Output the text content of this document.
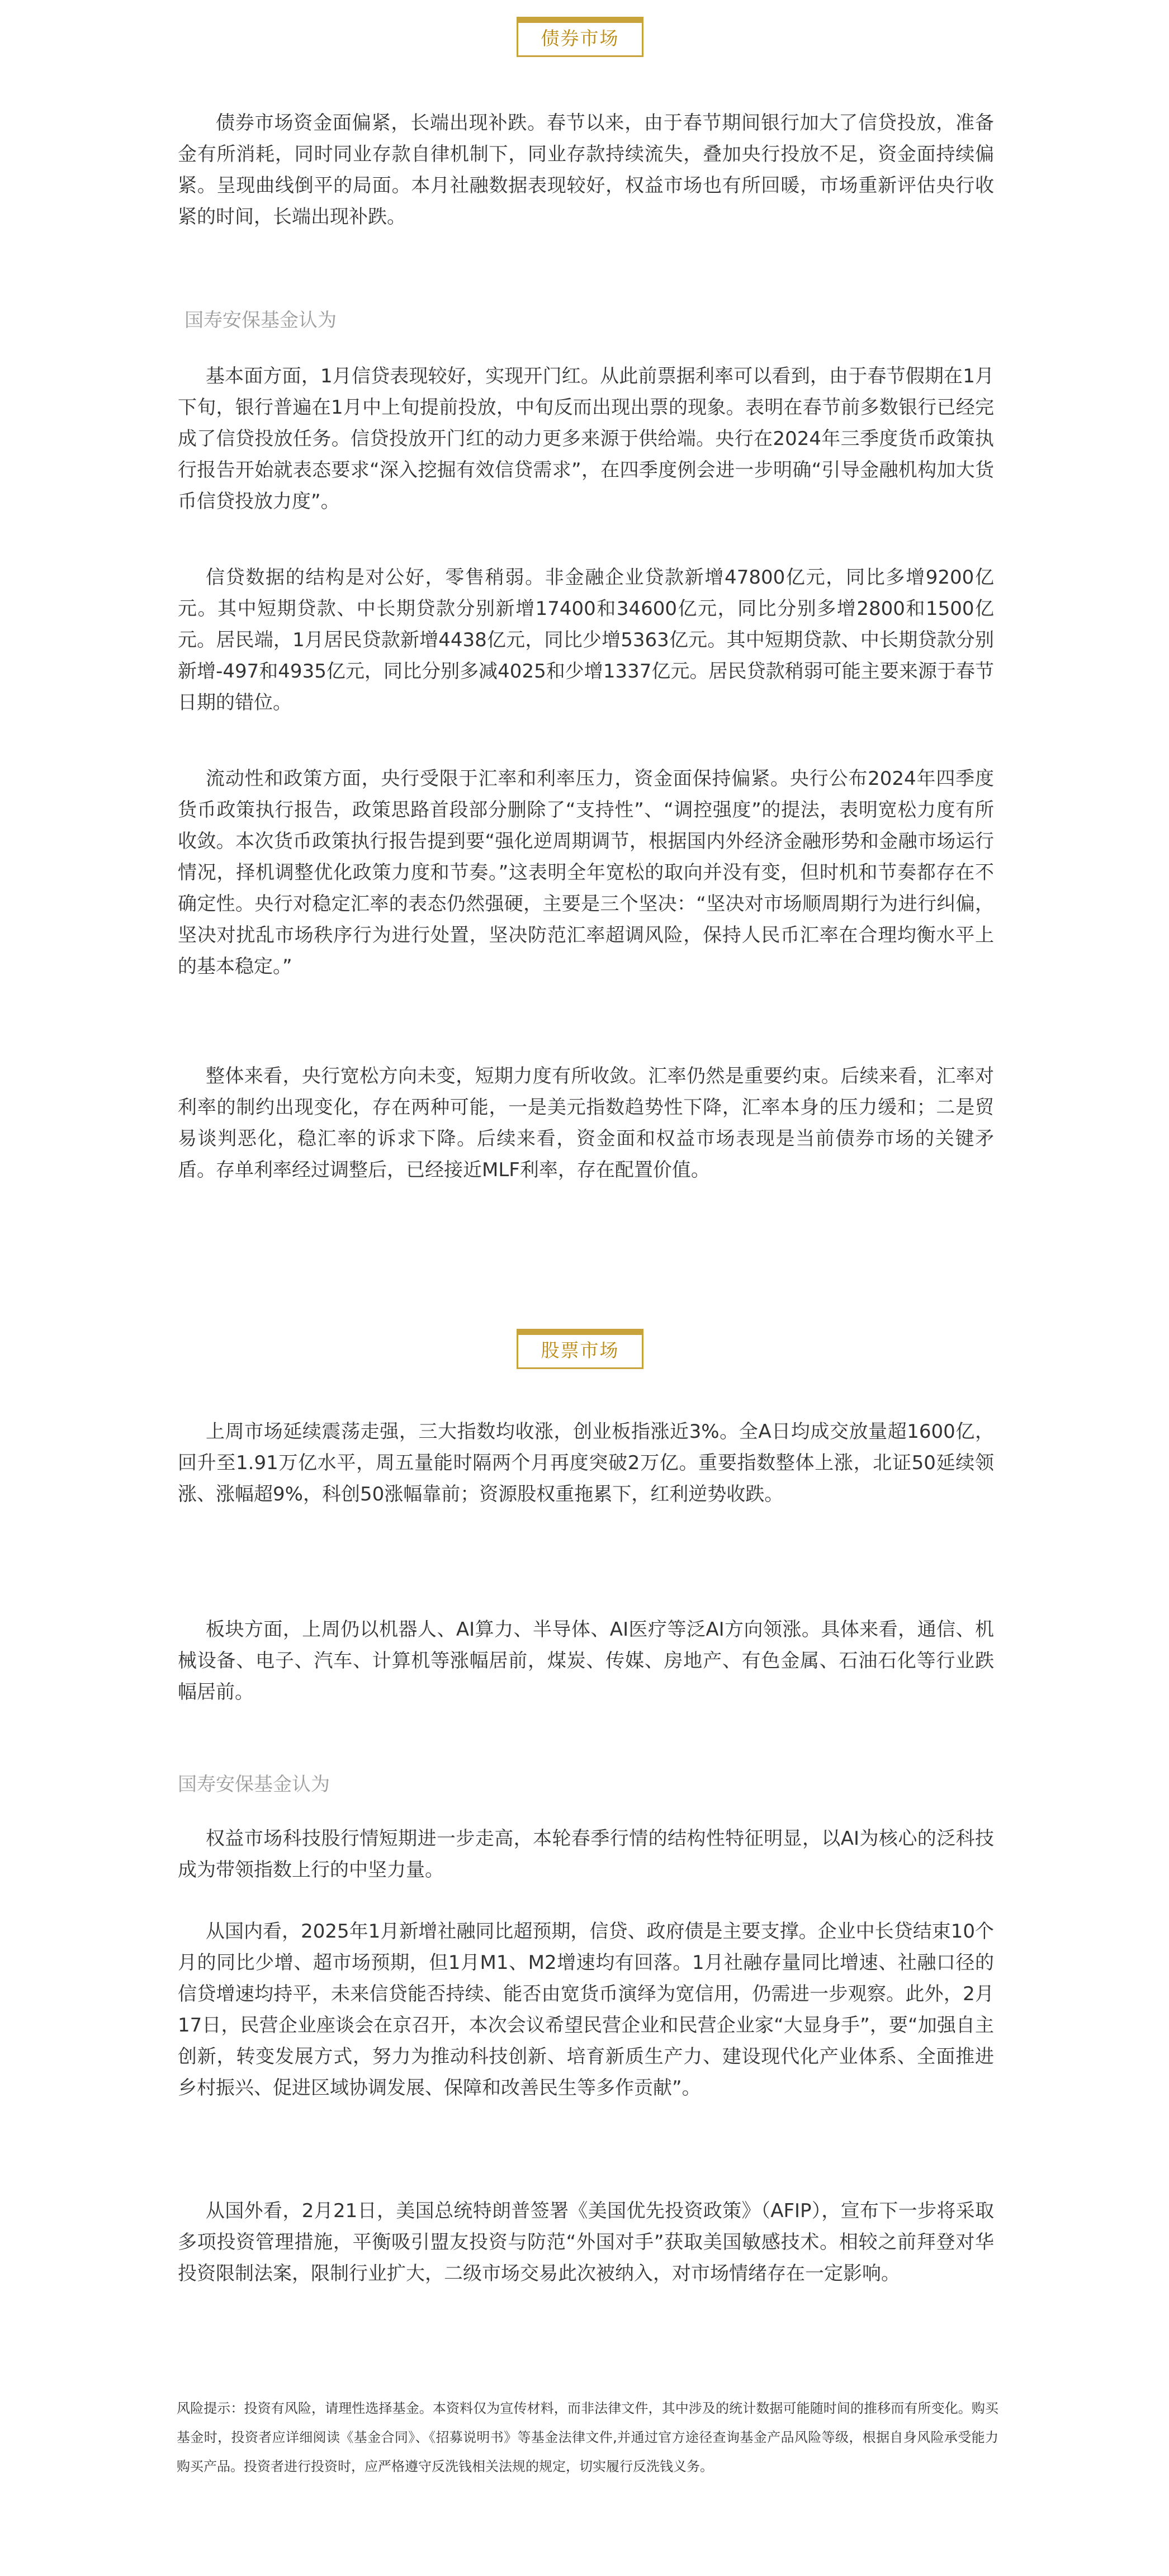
债券市场

债券市场资金面偏紧，长端出现补跌。春节以来，由于春节期间银行加大了信贷投放，准备金有所消耗，同时同业存款自律机制下，同业存款持续流失，叠加央行投放不足，资金面持续偏紧。呈现曲线倒平的局面。本月社融数据表现较好，权益市场也有所回暖，市场重新评估央行收紧的时间，长端出现补跌。

国寿安保基金认为

基本面方面，1月信贷表现较好，实现开门红。从此前票据利率可以看到，由于春节假期在1月下旬，银行普遍在1月中上旬提前投放，中旬反而出现出票的现象。表明在春节前多数银行已经完成了信贷投放任务。信贷投放开门红的动力更多来源于供给端。央行在2024年三季度货币政策执行报告开始就表态要求“深入挖掘有效信贷需求”，在四季度例会进一步明确“引导金融机构加大货币信贷投放力度”。

信贷数据的结构是对公好，零售稍弱。非金融企业贷款新增47800亿元，同比多增9200亿元。其中短期贷款、中长期贷款分别新增17400和34600亿元，同比分别多增2800和1500亿元。居民端，1月居民贷款新增4438亿元，同比少增5363亿元。其中短期贷款、中长期贷款分别新增-497和4935亿元，同比分别多减4025和少增1337亿元。居民贷款稍弱可能主要来源于春节日期的错位。

流动性和政策方面，央行受限于汇率和利率压力，资金面保持偏紧。央行公布2024年四季度货币政策执行报告，政策思路首段部分删除了“支持性”、“调控强度”的提法，表明宽松力度有所收敛。本次货币政策执行报告提到要“强化逆周期调节，根据国内外经济金融形势和金融市场运行情况，择机调整优化政策力度和节奏。”这表明全年宽松的取向并没有变，但时机和节奏都存在不确定性。央行对稳定汇率的表态仍然强硬，主要是三个坚决：“坚决对市场顺周期行为进行纠偏，坚决对扰乱市场秩序行为进行处置，坚决防范汇率超调风险，保持人民币汇率在合理均衡水平上的基本稳定。”

整体来看，央行宽松方向未变，短期力度有所收敛。汇率仍然是重要约束。后续来看，汇率对利率的制约出现变化，存在两种可能，一是美元指数趋势性下降，汇率本身的压力缓和；二是贸易谈判恶化，稳汇率的诉求下降。后续来看，资金面和权益市场表现是当前债券市场的关键矛盾。存单利率经过调整后，已经接近MLF利率，存在配置价值。

股票市场

上周市场延续震荡走强，三大指数均收涨，创业板指涨近3%。全A日均成交放量超1600亿，回升至1.91万亿水平，周五量能时隔两个月再度突破2万亿。重要指数整体上涨，北证50延续领涨、涨幅超9%，科创50涨幅靠前；资源股权重拖累下，红利逆势收跌。

板块方面，上周仍以机器人、AI算力、半导体、AI医疗等泛AI方向领涨。具体来看，通信、机械设备、电子、汽车、计算机等涨幅居前，煤炭、传媒、房地产、有色金属、石油石化等行业跌幅居前。

国寿安保基金认为

权益市场科技股行情短期进一步走高，本轮春季行情的结构性特征明显，以AI为核心的泛科技成为带领指数上行的中坚力量。

从国内看，2025年1月新增社融同比超预期，信贷、政府债是主要支撑。企业中长贷结束10个月的同比少增、超市场预期，但1月M1、M2增速均有回落。1月社融存量同比增速、社融口径的信贷增速均持平，未来信贷能否持续、能否由宽货币演绎为宽信用，仍需进一步观察。此外，2月17日，民营企业座谈会在京召开，本次会议希望民营企业和民营企业家“大显身手”，要“加强自主创新，转变发展方式，努力为推动科技创新、培育新质生产力、建设现代化产业体系、全面推进乡村振兴、促进区域协调发展、保障和改善民生等多作贡献”。

从国外看，2月21日，美国总统特朗普签署《美国优先投资政策》（AFIP），宣布下一步将采取多项投资管理措施，平衡吸引盟友投资与防范“外国对手”获取美国敏感技术。相较之前拜登对华投资限制法案，限制行业扩大，二级市场交易此次被纳入，对市场情绪存在一定影响。

风险提示：投资有风险，请理性选择基金。本资料仅为宣传材料，而非法律文件，其中涉及的统计数据可能随时间的推移而有所变化。购买基金时，投资者应详细阅读《基金合同》、《招募说明书》等基金法律文件,并通过官方途径查询基金产品风险等级，根据自身风险承受能力购买产品。投资者进行投资时，应严格遵守反洗钱相关法规的规定，切实履行反洗钱义务。
